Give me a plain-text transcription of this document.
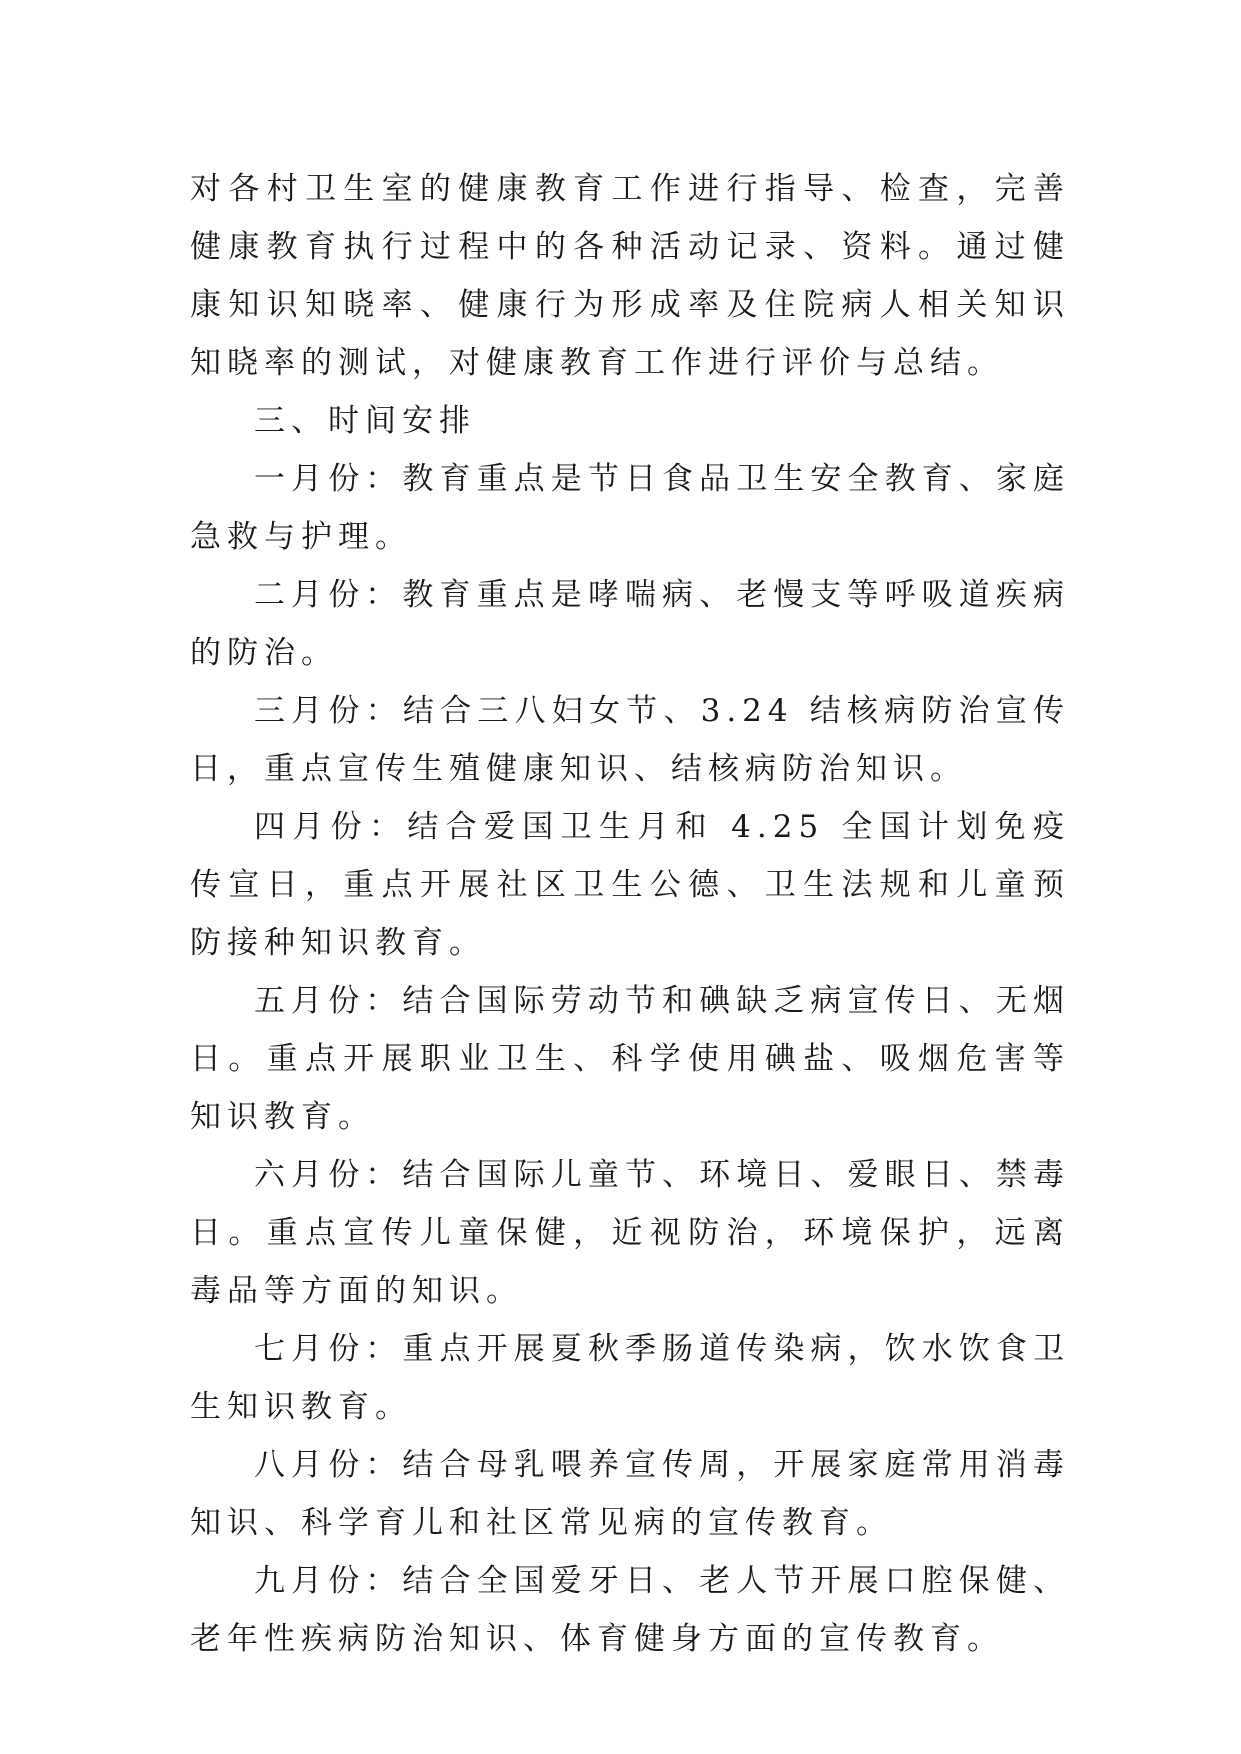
对各村卫生室的健康教育工作进行指导、检查，完善健康教育执行过程中的各种活动记录、资料。通过健康知识知晓率、健康行为形成率及住院病人相关知识知晓率的测试，对健康教育工作进行评价与总结。

三、时间安排

一月份：教育重点是节日食品卫生安全教育、家庭急救与护理。

二月份：教育重点是哮喘病、老慢支等呼吸道疾病的防治。

三月份：结合三八妇女节、3.24 结核病防治宣传日，重点宣传生殖健康知识、结核病防治知识。

四月份：结合爱国卫生月和 4.25 全国计划免疫传宣日，重点开展社区卫生公德、卫生法规和儿童预防接种知识教育。

五月份：结合国际劳动节和碘缺乏病宣传日、无烟日。重点开展职业卫生、科学使用碘盐、吸烟危害等知识教育。

六月份：结合国际儿童节、环境日、爱眼日、禁毒日。重点宣传儿童保健，近视防治，环境保护，远离毒品等方面的知识。

七月份：重点开展夏秋季肠道传染病，饮水饮食卫生知识教育。

八月份：结合母乳喂养宣传周，开展家庭常用消毒知识、科学育儿和社区常见病的宣传教育。

九月份：结合全国爱牙日、老人节开展口腔保健、老年性疾病防治知识、体育健身方面的宣传教育。
